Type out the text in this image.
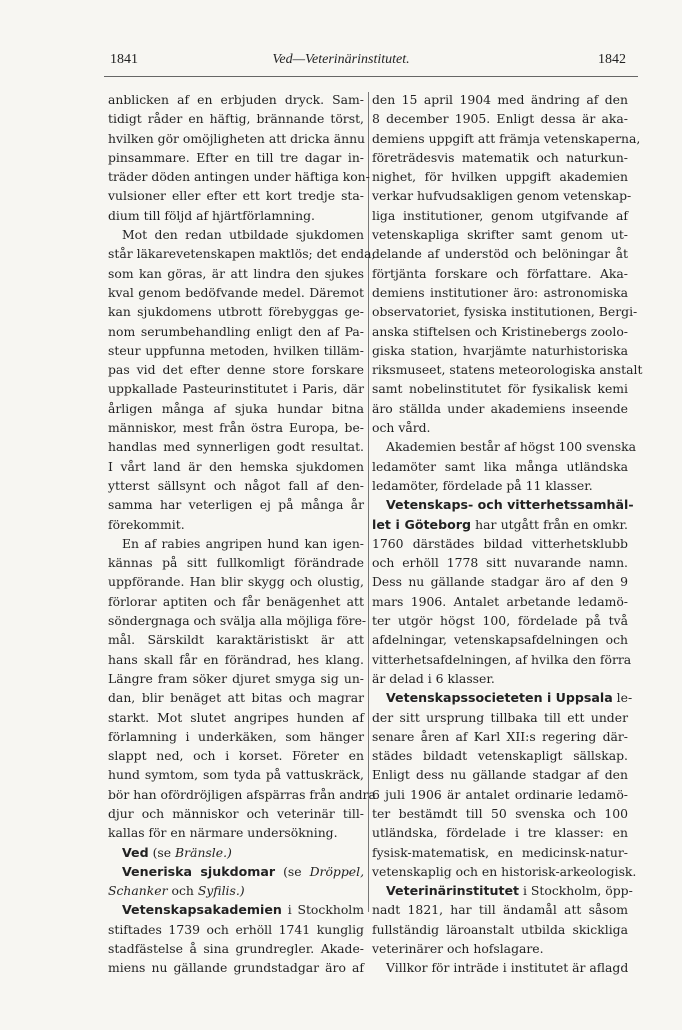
1841	Ved—Veterinärinstitutet.	1842
anblicken af en erbjuden dryck. Sam-
tidigt råder en häftig, brännande törst,
hvilken gör omöjligheten att dricka ännu
pinsammare. Efter en till tre dagar in-
träder döden antingen under häftiga kon-
vulsioner eller efter ett kort tredje sta-
dium till följd af hjärtförlamning.
Mot den redan utbildade sjukdomen
står läkarevetenskapen maktlös; det enda,
som kan göras, är att lindra den sjukes
kval genom bedöfvande medel. Däremot
kan sjukdomens utbrott förebyggas ge-
nom serumbehandling enligt den af Pa-
steur uppfunna metoden, hvilken tilläm-
pas vid det efter denne store forskare
uppkallade Pasteurinstitutet i Paris, där
årligen många af sjuka hundar bitna
människor, mest från östra Europa, be-
handlas med synnerligen godt resultat.
I vårt land är den hemska sjukdomen
ytterst sällsynt och något fall af den-
samma har veterligen ej på många år
förekommit.
En af rabies angripen hund kan igen-
kännas på sitt fullkomligt förändrade
uppförande. Han blir skygg och olustig,
förlorar aptiten och får benägenhet att
söndergnaga och svälja alla möjliga före-
mål. Särskildt karaktäristiskt är att
hans skall får en förändrad, hes klang.
Längre fram söker djuret smyga sig un-
dan, blir benäget att bitas och magrar
starkt. Mot slutet angripes hunden af
förlamning i underkäken, som hänger
slappt ned, och i korset. Företer en
hund symtom, som tyda på vattuskräck,
bör han ofördröjligen afspärras från andra
djur och människor och veterinär till-
kallas för en närmare undersökning.
Ved (se Bränsle.)
Veneriska sjukdomar (se Dröppel,
Schanker och Syfilis.)
Vetenskapsakademien i Stockholm
stiftades 1739 och erhöll 1741 kunglig
stadfästelse å sina grundregler. Akade-
miens nu gällande grundstadgar äro af
den 15 april 1904 med ändring af den
8 december 1905. Enligt dessa är aka-
demiens uppgift att främja vetenskaperna,
företrädesvis matematik och naturkun-
nighet, för hvilken uppgift akademien
verkar hufvudsakligen genom vetenskap-
liga institutioner, genom utgifvande af
vetenskapliga skrifter samt genom ut-
delande af understöd och belöningar åt
förtjänta forskare och författare. Aka-
demiens institutioner äro: astronomiska
observatoriet, fysiska institutionen, Bergi-
anska stiftelsen och Kristinebergs zoolo-
giska station, hvarjämte naturhistoriska
riksmuseet, statens meteorologiska anstalt
samt nobelinstitutet för fysikalisk kemi
äro ställda under akademiens inseende
och vård.
Akademien består af högst 100 svenska
ledamöter samt lika många utländska
ledamöter, fördelade på 11 klasser.
Vetenskaps- och vitterhetssamhäl-
let i Göteborg har utgått från en omkr.
1760 därstädes bildad vitterhetsklubb
och erhöll 1778 sitt nuvarande namn.
Dess nu gällande stadgar äro af den 9
mars 1906. Antalet arbetande ledamö-
ter utgör högst 100, fördelade på två
afdelningar, vetenskapsafdelningen och
vitterhetsafdelningen, af hvilka den förra
är delad i 6 klasser.
Vetenskapssocieteten i Uppsala le-
der sitt ursprung tillbaka till ett under
senare åren af Karl XII:s regering där-
städes bildadt vetenskapligt sällskap.
Enligt dess nu gällande stadgar af den
6 juli 1906 är antalet ordinarie ledamö-
ter bestämdt till 50 svenska och 100
utländska, fördelade i tre klasser: en
fysisk-matematisk, en medicinsk-natur-
vetenskaplig och en historisk-arkeologisk.
Veterinärinstitutet i Stockholm, öpp-
nadt 1821, har till ändamål att såsom
fullständig läroanstalt utbilda skickliga
veterinärer och hofslagare.
Villkor för inträde i institutet är aflagd
